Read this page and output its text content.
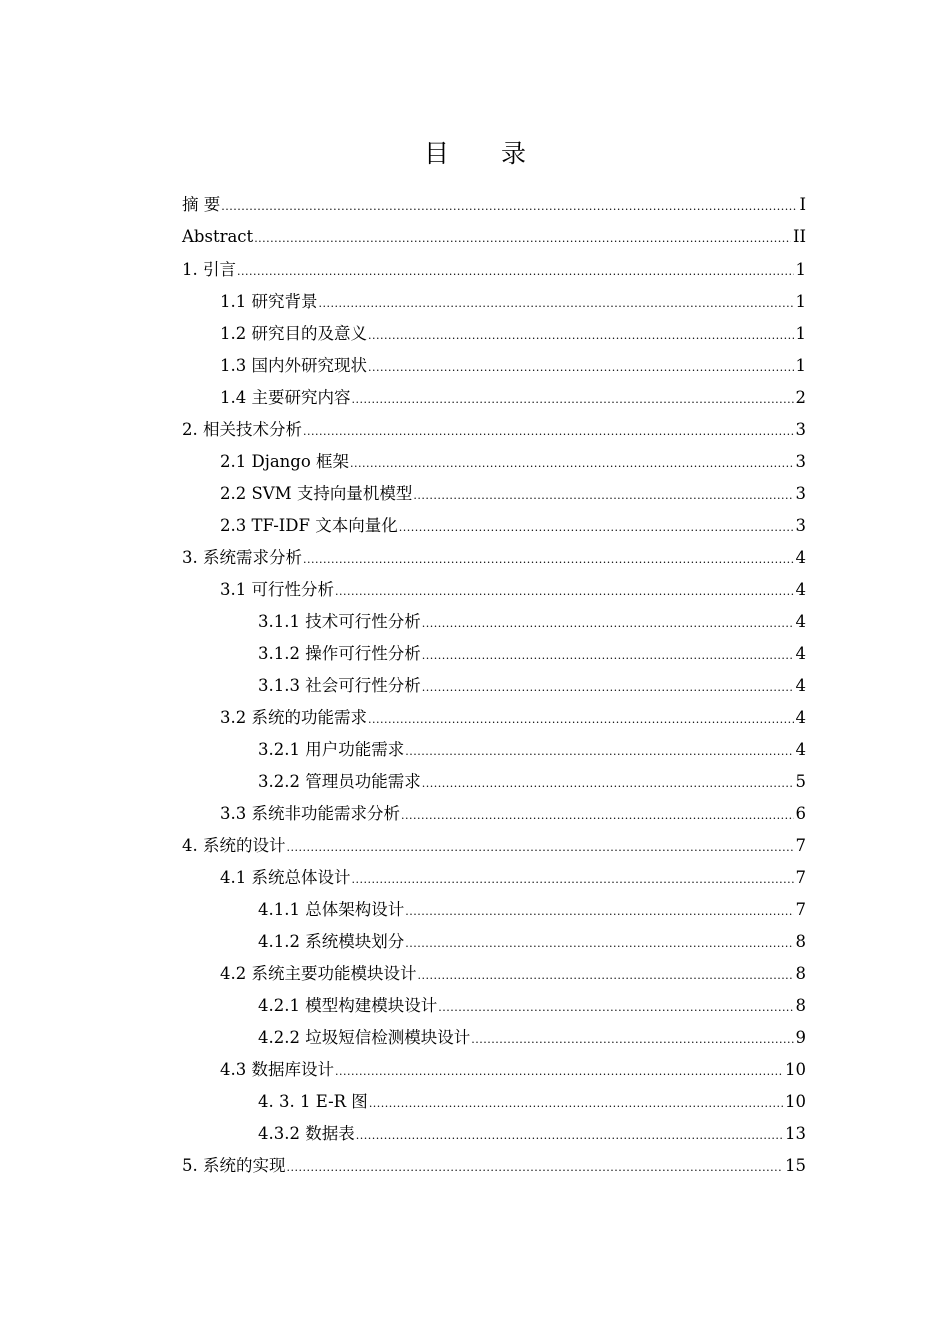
目 录
摘 要 .....	I
Abstract .....	II
1. 引言 .....	1
1.1 研究背景 .....	1
1.2 研究目的及意义 .....	1
1.3 国内外研究现状 .....	1
1.4 主要研究内容 .....	2
2. 相关技术分析 .....	3
2.1 Django 框架 .....	3
2.2 SVM 支持向量机模型 .....	3
2.3 TF-IDF 文本向量化 .....	3
3. 系统需求分析 .....	4
3.1 可行性分析 .....	4
3.1.1 技术可行性分析 .....	4
3.1.2 操作可行性分析 .....	4
3.1.3 社会可行性分析 .....	4
3.2 系统的功能需求 .....	4
3.2.1 用户功能需求 .....	4
3.2.2 管理员功能需求 .....	5
3.3 系统非功能需求分析 .....	6
4. 系统的设计 .....	7
4.1 系统总体设计 .....	7
4.1.1 总体架构设计 .....	7
4.1.2 系统模块划分 .....	8
4.2 系统主要功能模块设计 .....	8
4.2.1 模型构建模块设计 .....	8
4.2.2 垃圾短信检测模块设计 .....	9
4.3 数据库设计 .....	10
4. 3. 1 E-R 图 .....	10
4.3.2 数据表 .....	13
5. 系统的实现 .....	15
